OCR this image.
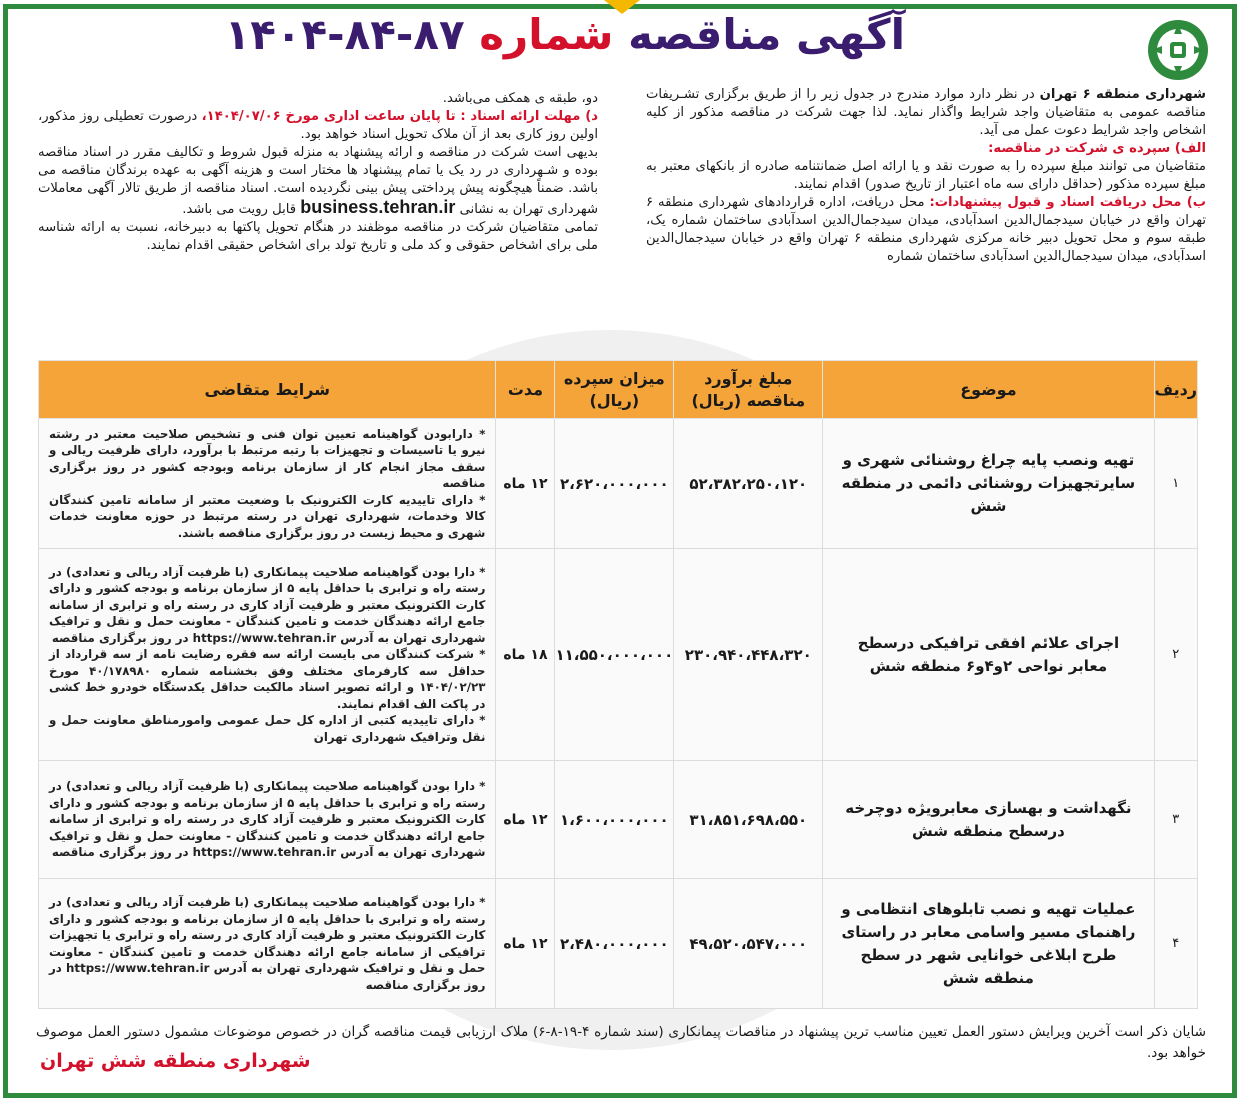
آگهی مناقصه شماره ۸۷-۸۴-۱۴۰۴

شهرداری منطقه ۶ تهران در نظر دارد موارد مندرج در جدول زیر را از طریق برگزاری تشـریفات مناقصه عمومی به متقاضیان واجد شرایط واگذار نماید. لذا جهت شرکت در مناقصه مذکور از کلیه اشخاص واجد شرایط دعوت عمل می آید.

الف) سپرده ی شرکت در مناقصه:

متقاضیان می توانند مبلغ سپرده را به صورت نقد و یا ارائه اصل ضمانتنامه صادره از بانکهای معتبر به مبلغ سپرده مذکور (حداقل دارای سه ماه اعتبار از تاریخ صدور) اقدام نمایند.

ب) محل دریافت اسناد و قبول پیشنهادات: محل دریافت، اداره قراردادهای شهرداری منطقه ۶ تهران واقع در خیابان سیدجمال‌الدین اسدآبادی، میدان سیدجمال‌الدین اسدآبادی ساختمان شماره یک، طبقه سوم و محل تحویل دبیر خانه مرکزی شهرداری منطقه ۶ تهران واقع در خیابان سیدجمال‌الدین اسدآبادی، میدان سیدجمال‌الدین اسدآبادی ساختمان شماره

دو، طبقه ی همکف می‌باشد.

د) مهلت ارائه اسناد : تا پایان ساعت اداری مورخ ۱۴۰۴/۰۷/۰۶، درصورت تعطیلی روز مذکور، اولین روز کاری بعد از آن ملاک تحویل اسناد خواهد بود.

بدیهی است شرکت در مناقصه و ارائه پیشنهاد به منزله قبول شروط و تکالیف مقرر در اسناد مناقصه بوده و شـهرداری در رد یک یا تمام پیشنهاد ها مختار است و هزینه آگهی به عهده برندگان مناقصه می باشد. ضمناً هیچگونه پیش پرداختی پیش بینی نگردیده است. اسناد مناقصه از طریق تالار آگهی معاملات شهرداری تهران به نشانی business.tehran.ir قابل رویت می باشد.

تمامی متقاضیان شرکت در مناقصه موظفند در هنگام تحویل پاکتها به دبیرخانه، نسبت به ارائه شناسه ملی برای اشخاص حقوقی و کد ملی و تاریخ تولد برای اشخاص حقیقی اقدام نمایند.

ردیف	موضوع	مبلغ برآورد مناقصه (ریال)	میزان سپرده (ریال)	مدت	شرایط متقاضی
۱	تهیه ونصب پایه چراغ روشنائی شهری و سایرتجهیزات روشنائی دائمی در منطقه شش	۵۲،۳۸۲،۲۵۰،۱۲۰	۲،۶۲۰،۰۰۰،۰۰۰	۱۲ ماه	* دارابودن گواهینامه تعیین توان فنی و تشخیص صلاحیت معتبر در رشته نیرو یا تاسیسات و تجهیزات با رتبه مرتبط با برآورد، دارای ظرفیت ریالی و سقف مجاز انجام کار از سازمان برنامه وبودجه کشور در روز برگزاری مناقصه

* دارای تاییدیه کارت الکترونیک با وضعیت معتبر از سامانه تامین کنندگان کالا وخدمات، شهرداری تهران در رسته مرتبط در حوزه معاونت خدمات شهری و محیط زیست در روز برگزاری مناقصه باشند.

۲	اجرای علائم افقی ترافیکی درسطح معابر نواحی ۲و۴و۶ منطقه شش	۲۳۰،۹۴۰،۴۴۸،۳۲۰	۱۱،۵۵۰،۰۰۰،۰۰۰	۱۸ ماه	* دارا بودن گواهینامه صلاحیت پیمانکاری (با ظرفیت آزاد ریالی و تعدادی) در رسته راه و ترابری با حداقل پایه ۵ از سازمان برنامه و بودجه کشور و دارای کارت الکترونیک معتبر و ظرفیت آزاد کاری در رسته راه و ترابری از سامانه جامع ارائه دهندگان خدمت و تامین کنندگان - معاونت حمل و نقل و ترافیک شهرداری تهران به آدرس https://www.tehran.ir در روز برگزاری مناقصه

* شرکت کنندگان می بایست ارائه سه فقره رضایت نامه از سه قرارداد از حداقل سه کارفرمای مختلف وفق بخشنامه شماره ۴۰/۱۷۸۹۸۰ مورخ ۱۴۰۴/۰۲/۲۳ و ارائه تصویر اسناد مالکیت حداقل یکدستگاه خودرو خط کشی در پاکت الف اقدام نمایند.

* دارای تاییدیه کتبی از اداره کل حمل عمومی وامورمناطق معاونت حمل و نقل وترافیک شهرداری تهران

۳	نگهداشت و بهسازی معابرویژه دوچرخه درسطح منطقه شش	۳۱،۸۵۱،۶۹۸،۵۵۰	۱،۶۰۰،۰۰۰،۰۰۰	۱۲ ماه	* دارا بودن گواهینامه صلاحیت پیمانکاری (با ظرفیت آزاد ریالی و تعدادی) در رسته راه و ترابری با حداقل پایه ۵ از سازمان برنامه و بودجه کشور و دارای کارت الکترونیک معتبر و ظرفیت آزاد کاری در رسته راه و ترابری از سامانه جامع ارائه دهندگان خدمت و تامین کنندگان - معاونت حمل و نقل و ترافیک شهرداری تهران به آدرس https://www.tehran.ir در روز برگزاری مناقصه

۴	عملیات تهیه و نصب تابلوهای انتظامی و راهنمای مسیر واسامی معابر در راستای طرح ابلاغی خوانایی شهر در سطح منطقه شش	۴۹،۵۲۰،۵۴۷،۰۰۰	۲،۴۸۰،۰۰۰،۰۰۰	۱۲ ماه	* دارا بودن گواهینامه صلاحیت پیمانکاری (با ظرفیت آزاد ریالی و تعدادی) در رسته راه و ترابری با حداقل پایه ۵ از سازمان برنامه و بودجه کشور و دارای کارت الکترونیک معتبر و ظرفیت آزاد کاری در رسته راه و ترابری یا تجهیزات ترافیکی از سامانه جامع ارائه دهندگان خدمت و تامین کنندگان - معاونت حمل و نقل و ترافیک شهرداری تهران به آدرس https://www.tehran.ir در روز برگزاری مناقصه

شایان ذکر است آخرین ویرایش دستور العمل تعیین مناسب ترین پیشنهاد در مناقصات پیمانکاری (سند شماره ۴-۱۹-۸-۶) ملاک ارزیابی قیمت مناقصه گران در خصوص موضوعات مشمول دستور العمل موصوف خواهد بود.
شهرداری منطقه شش تهران
